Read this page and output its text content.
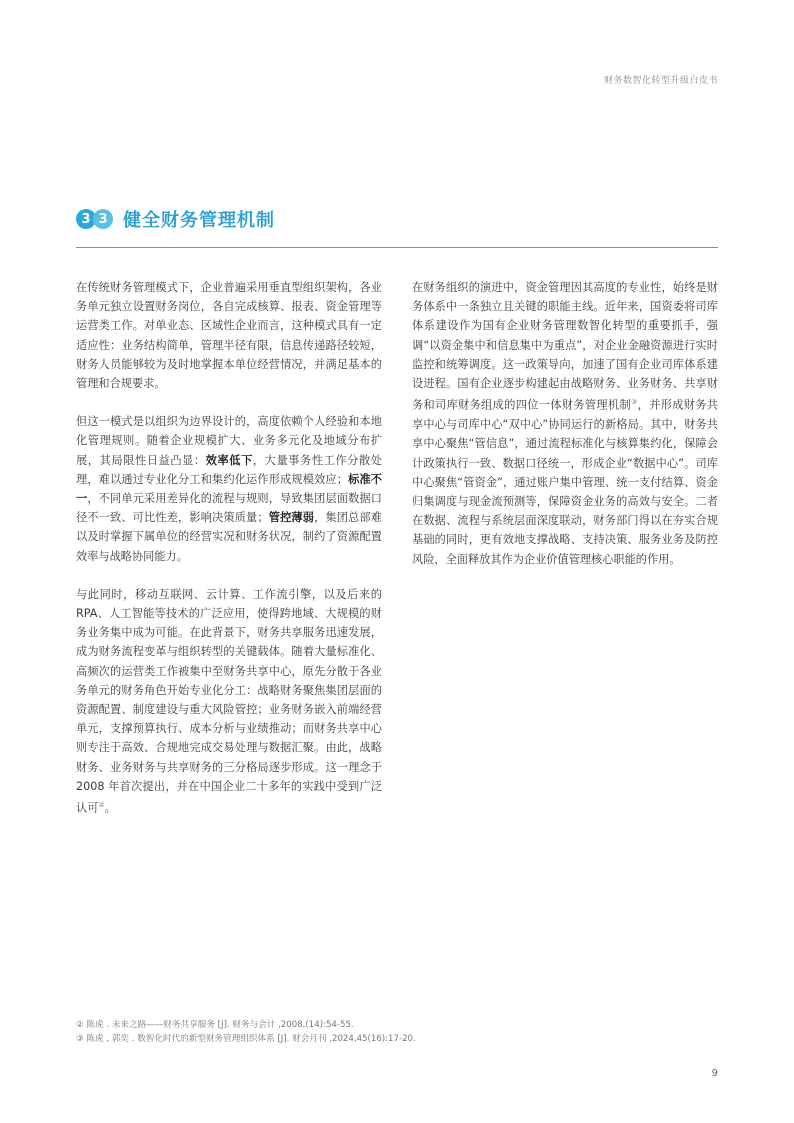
财务数智化转型升级白皮书
3 3 健全财务管理机制

在传统财务管理模式下，企业普遍采用垂直型组织架构，各业务单元独立设置财务岗位，各自完成核算、报表、资金管理等运营类工作。对单业态、区域性企业而言，这种模式具有一定适应性：业务结构简单，管理半径有限，信息传递路径较短，财务人员能够较为及时地掌握本单位经营情况，并满足基本的管理和合规要求。

但这一模式是以组织为边界设计的，高度依赖个人经验和本地化管理规则。随着企业规模扩大、业务多元化及地域分布扩展，其局限性日益凸显：效率低下，大量事务性工作分散处理，难以通过专业化分工和集约化运作形成规模效应；标准不一，不同单元采用差异化的流程与规则，导致集团层面数据口径不一致、可比性差，影响决策质量；管控薄弱，集团总部难以及时掌握下属单位的经营实况和财务状况，制约了资源配置效率与战略协同能力。

与此同时，移动互联网、云计算、工作流引擎，以及后来的 RPA、人工智能等技术的广泛应用，使得跨地域、大规模的财务业务集中成为可能。在此背景下，财务共享服务迅速发展，成为财务流程变革与组织转型的关键载体。随着大量标准化、高频次的运营类工作被集中至财务共享中心，原先分散于各业务单元的财务角色开始专业化分工：战略财务聚焦集团层面的资源配置、制度建设与重大风险管控；业务财务嵌入前端经营单元，支撑预算执行、成本分析与业绩推动；而财务共享中心则专注于高效、合规地完成交易处理与数据汇聚。由此，战略财务、业务财务与共享财务的三分格局逐步形成。这一理念于 2008 年首次提出，并在中国企业二十多年的实践中受到广泛认可②。

在财务组织的演进中，资金管理因其高度的专业性，始终是财务体系中一条独立且关键的职能主线。近年来，国资委将司库体系建设作为国有企业财务管理数智化转型的重要抓手，强调“以资金集中和信息集中为重点”，对企业金融资源进行实时监控和统筹调度。这一政策导向，加速了国有企业司库体系建设进程。国有企业逐步构建起由战略财务、业务财务、共享财务和司库财务组成的四位一体财务管理机制③，并形成财务共享中心与司库中心“双中心”协同运行的新格局。其中，财务共享中心聚焦“管信息”，通过流程标准化与核算集约化，保障会计政策执行一致、数据口径统一，形成企业“数据中心”。司库中心聚焦“管资金”，通过账户集中管理、统一支付结算、资金归集调度与现金流预测等，保障资金业务的高效与安全。二者在数据、流程与系统层面深度联动，财务部门得以在夯实合规基础的同时，更有效地支撑战略、支持决策、服务业务及防控风险，全面释放其作为企业价值管理核心职能的作用。

② 陈虎 . 未来之路——财务共享服务 [J]. 财务与会计 ,2008,(14):54-55.
③ 陈虎 , 郭奕 . 数智化时代的新型财务管理组织体系 [J]. 财会月刊 ,2024,45(16):17-20.
9
